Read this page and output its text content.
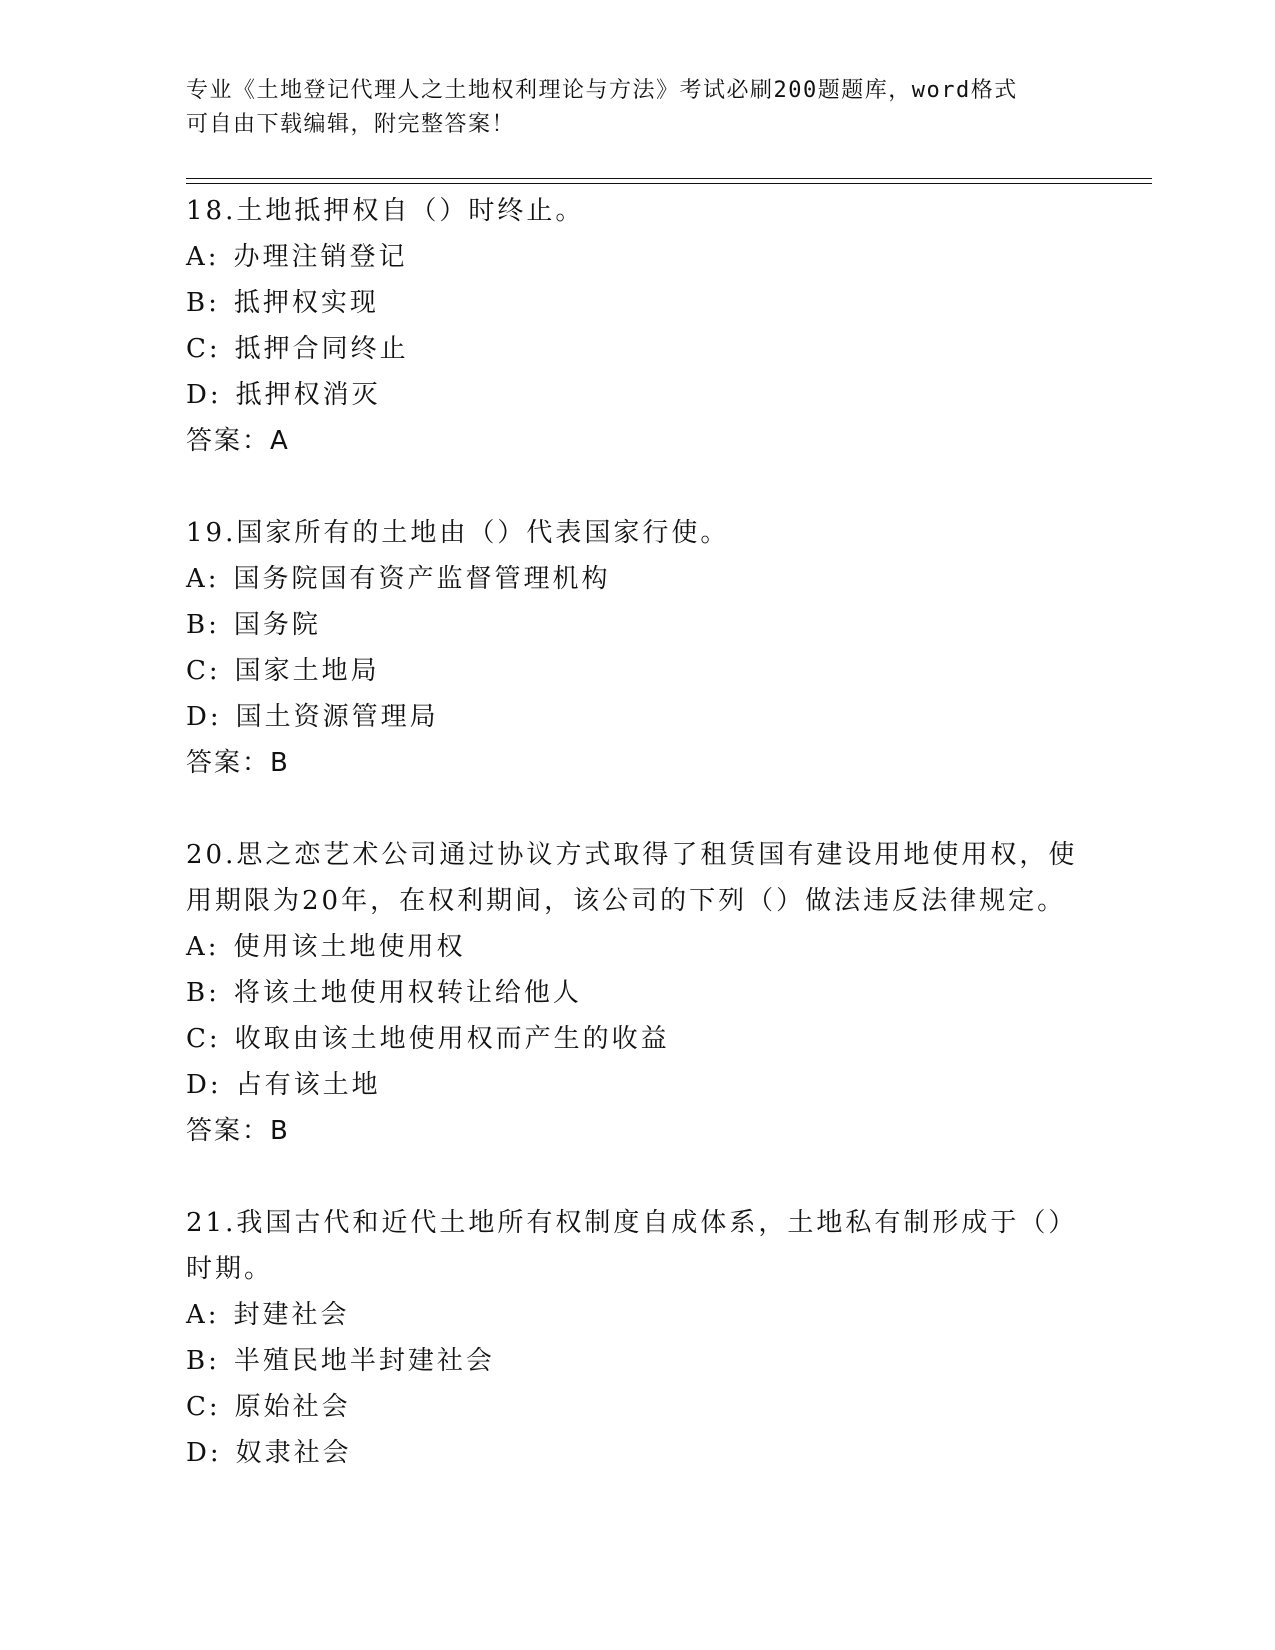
专业《土地登记代理人之土地权利理论与方法》考试必刷200题题库，word格式
可自由下载编辑，附完整答案！
18.土地抵押权自（）时终止。
A: 办理注销登记
B: 抵押权实现
C: 抵押合同终止
D: 抵押权消灭
答案：A
19.国家所有的土地由（）代表国家行使。
A: 国务院国有资产监督管理机构
B: 国务院
C: 国家土地局
D: 国土资源管理局
答案：B
20.思之恋艺术公司通过协议方式取得了租赁国有建设用地使用权，使
用期限为20年，在权利期间，该公司的下列（）做法违反法律规定。
A: 使用该土地使用权
B: 将该土地使用权转让给他人
C: 收取由该土地使用权而产生的收益
D: 占有该土地
答案：B
21.我国古代和近代土地所有权制度自成体系，土地私有制形成于（）
时期。
A: 封建社会
B: 半殖民地半封建社会
C: 原始社会
D: 奴隶社会
